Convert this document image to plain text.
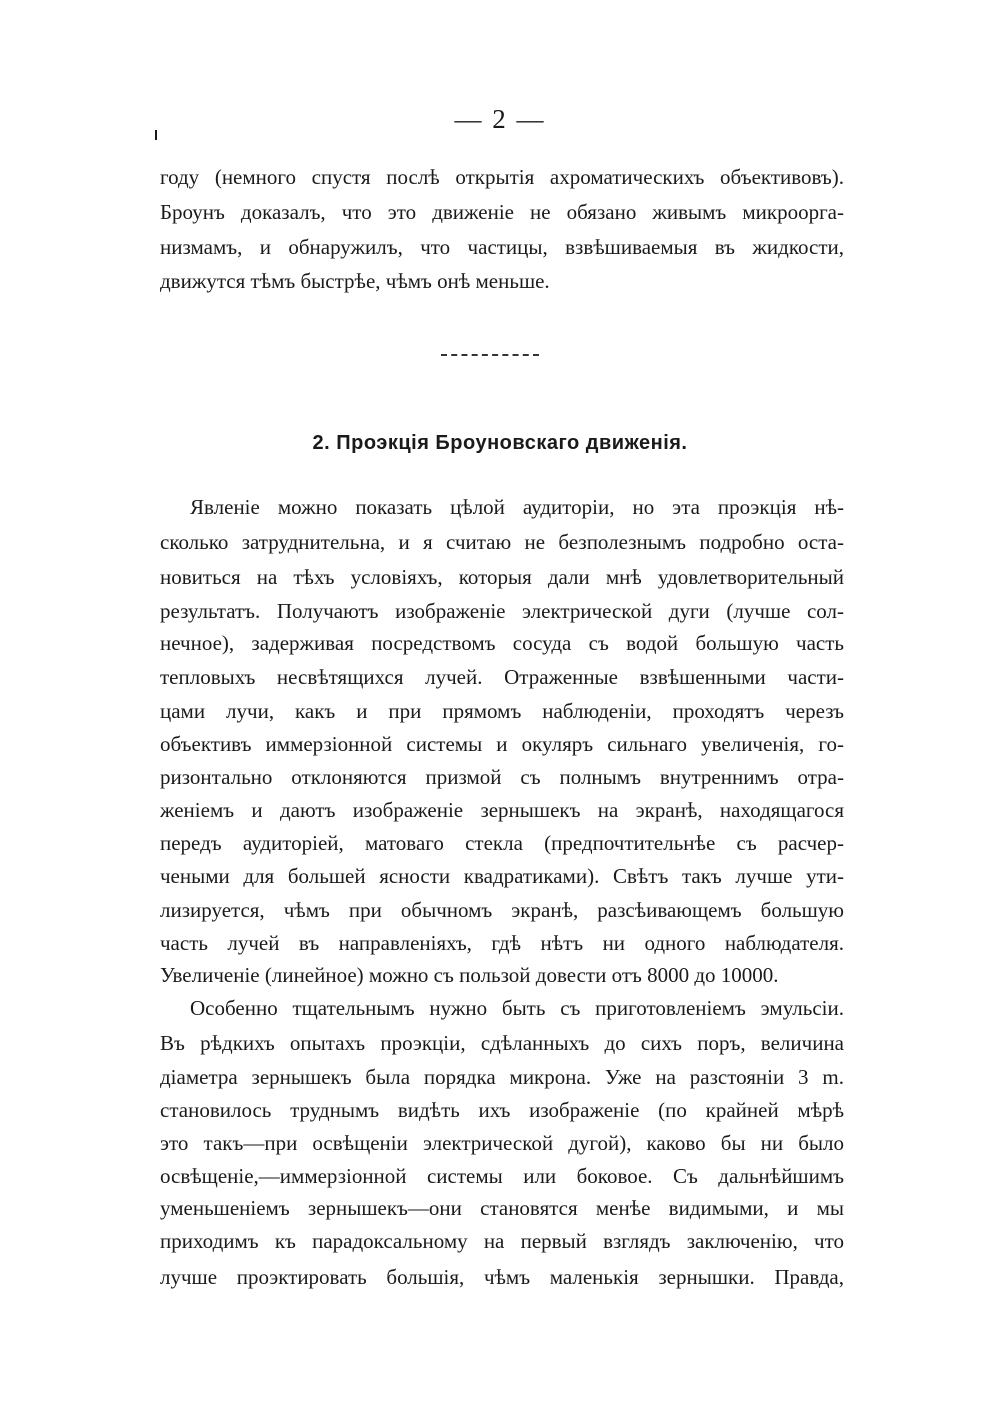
— 2 —
году (немного спустя послѣ открытія ахроматическихъ объективовъ).
Броунъ доказалъ, что это движеніе не обязано живымъ микроорга-
низмамъ, и обнаружилъ, что частицы, взвѣшиваемыя въ жидкости,
движутся тѣмъ быстрѣе, чѣмъ онѣ меньше.
2. Проэкція Броуновскаго движенія.
Явленіе можно показать цѣлой аудиторіи, но эта проэкція нѣ-
сколько затруднительна, и я считаю не безполезнымъ подробно оста-
новиться на тѣхъ условіяхъ, которыя дали мнѣ удовлетворительный
результатъ. Получаютъ изображеніе электрической дуги (лучше сол-
нечное), задерживая посредствомъ сосуда съ водой большую часть
тепловыхъ несвѣтящихся лучей. Отраженные взвѣшенными части-
цами лучи, какъ и при прямомъ наблюденіи, проходятъ черезъ
объективъ иммерзіонной системы и окуляръ сильнаго увеличенія, го-
ризонтально отклоняются призмой съ полнымъ внутреннимъ отра-
женіемъ и даютъ изображеніе зернышекъ на экранѣ, находящагося
передъ аудиторіей, матоваго стекла (предпочтительнѣе съ расчер-
чеными для большей ясности квадратиками). Свѣтъ такъ лучше ути-
лизируется, чѣмъ при обычномъ экранѣ, разсѣивающемъ большую
часть лучей въ направленіяхъ, гдѣ нѣтъ ни одного наблюдателя.
Увеличеніе (линейное) можно съ пользой довести отъ 8000 до 10000.
Особенно тщательнымъ нужно быть съ приготовленіемъ эмульсіи.
Въ рѣдкихъ опытахъ проэкціи, сдѣланныхъ до сихъ поръ, величина
діаметра зернышекъ была порядка микрона. Уже на разстояніи 3 m.
становилось труднымъ видѣть ихъ изображеніе (по крайней мѣрѣ
это такъ—при освѣщеніи электрической дугой), каково бы ни было
освѣщеніе,—иммерзіонной системы или боковое. Съ дальнѣйшимъ
уменьшеніемъ зернышекъ—они становятся менѣе видимыми, и мы
приходимъ къ парадоксальному на первый взглядъ заключенію, что
лучше проэктировать большія, чѣмъ маленькія зернышки. Правда,
